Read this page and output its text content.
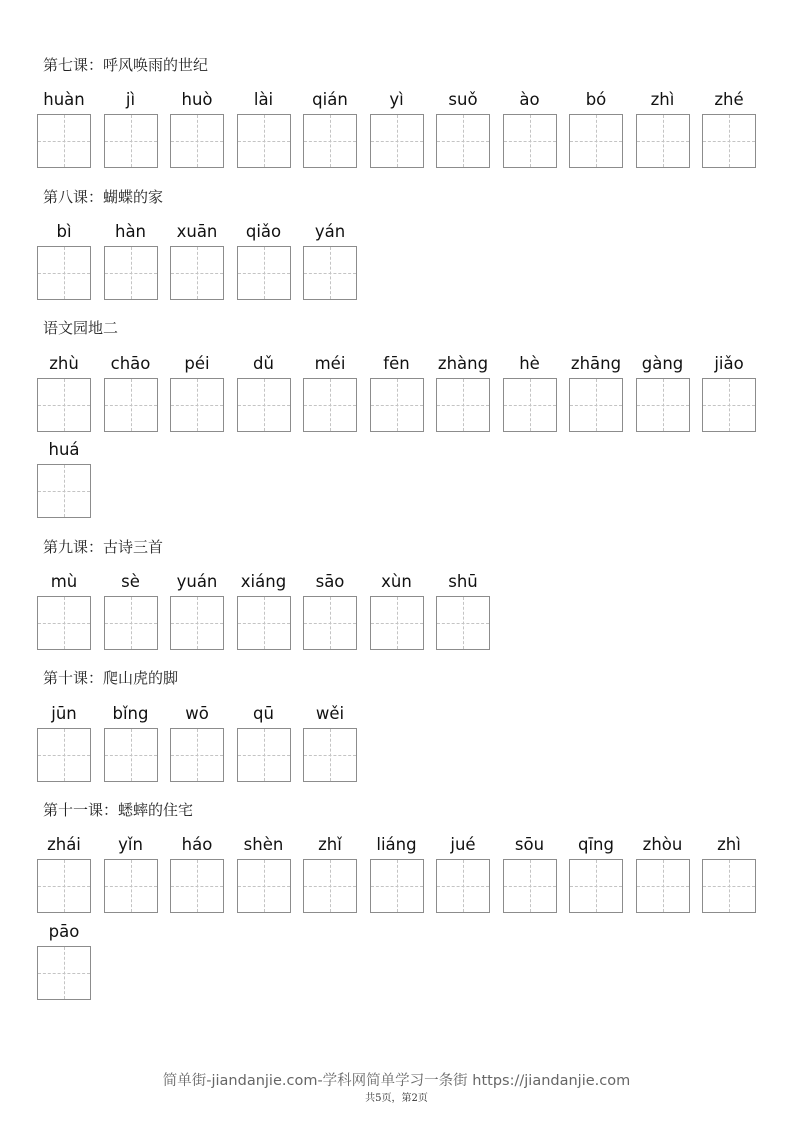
第七课：呼风唤雨的世纪
huàn	jì	huò	lài	qián	yì	suǒ	ào	bó	zhì	zhé
第八课：蝴蝶的家
bì	hàn	xuān	qiǎo	yán
语文园地二
zhù	chāo	péi	dǔ	méi	fēn	zhàng	hè	zhāng	gàng	jiǎo
huá
第九课：古诗三首
mù	sè	yuán	xiáng	sāo	xùn	shū
第十课：爬山虎的脚
jūn	bǐng	wō	qū	wěi
第十一课：蟋蟀的住宅
zhái	yǐn	háo	shèn	zhǐ	liáng	jué	sōu	qīng	zhòu	zhì
pāo
简单街-jiandanjie.com-学科网简单学习一条街 https://jiandanjie.com
共5页，第2页
